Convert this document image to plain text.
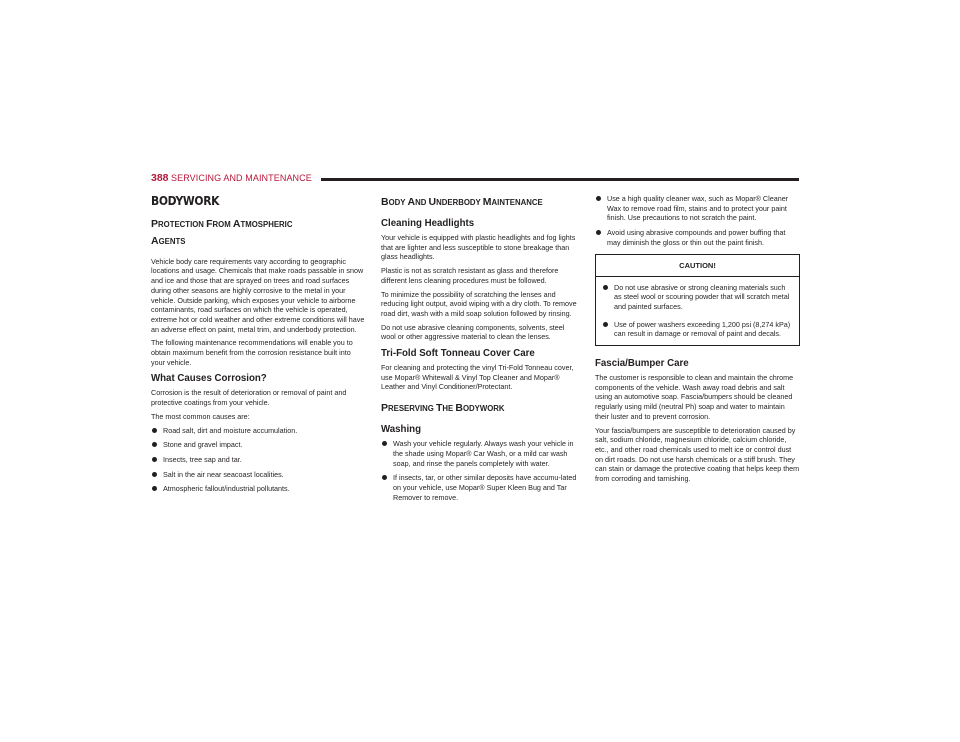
388 SERVICING AND MAINTENANCE
BODYWORK
PROTECTION FROM ATMOSPHERIC
AGENTS

Vehicle body care requirements vary according to geographic locations and usage. Chemicals that make roads passable in snow and ice and those that are sprayed on trees and road surfaces during other seasons are highly corrosive to the metal in your vehicle. Outside parking, which exposes your vehicle to airborne contaminants, road surfaces on which the vehicle is operated, extreme hot or cold weather and other extreme conditions will have an adverse effect on paint, metal trim, and underbody protection.

The following maintenance recommendations will enable you to obtain maximum benefit from the corrosion resistance built into your vehicle.

What Causes Corrosion?

Corrosion is the result of deterioration or removal of paint and protective coatings from your vehicle.

The most common causes are:

Road salt, dirt and moisture accumulation.
Stone and gravel impact.
Insects, tree sap and tar.
Salt in the air near seacoast localities.
Atmospheric fallout/industrial pollutants.
BODY AND UNDERBODY MAINTENANCE
Cleaning Headlights

Your vehicle is equipped with plastic headlights and fog lights that are lighter and less susceptible to stone breakage than glass headlights.

Plastic is not as scratch resistant as glass and therefore different lens cleaning procedures must be followed.

To minimize the possibility of scratching the lenses and reducing light output, avoid wiping with a dry cloth. To remove road dirt, wash with a mild soap solution followed by rinsing.

Do not use abrasive cleaning components, solvents, steel wool or other aggressive material to clean the lenses.

Tri-Fold Soft Tonneau Cover Care

For cleaning and protecting the vinyl Tri-Fold Tonneau cover, use Mopar® Whitewall & Vinyl Top Cleaner and Mopar® Leather and Vinyl Conditioner/Protectant.

PRESERVING THE BODYWORK
Washing
Wash your vehicle regularly. Always wash your vehicle in the shade using Mopar® Car Wash, or a mild car wash soap, and rinse the panels completely with water.
If insects, tar, or other similar deposits have accumu-lated on your vehicle, use Mopar® Super Kleen Bug and Tar Remover to remove.
Use a high quality cleaner wax, such as Mopar® Cleaner Wax to remove road film, stains and to protect your paint finish. Use precautions to not scratch the paint.
Avoid using abrasive compounds and power buffing that may diminish the gloss or thin out the paint finish.
CAUTION!
Do not use abrasive or strong cleaning materials such as steel wool or scouring powder that will scratch metal and painted surfaces.
Use of power washers exceeding 1,200 psi (8,274 kPa) can result in damage or removal of paint and decals.
Fascia/Bumper Care

The customer is responsible to clean and maintain the chrome components of the vehicle. Wash away road debris and salt using an automotive soap. Fascia/bumpers should be cleaned regularly using mild (neutral Ph) soap and water to maintain their luster and to prevent corrosion.

Your fascia/bumpers are susceptible to deterioration caused by salt, sodium chloride, magnesium chloride, calcium chloride, etc., and other road chemicals used to melt ice or control dust on dirt roads. Do not use harsh chemicals or a stiff brush. They can stain or damage the protective coating that helps keep them from corroding and tarnishing.
